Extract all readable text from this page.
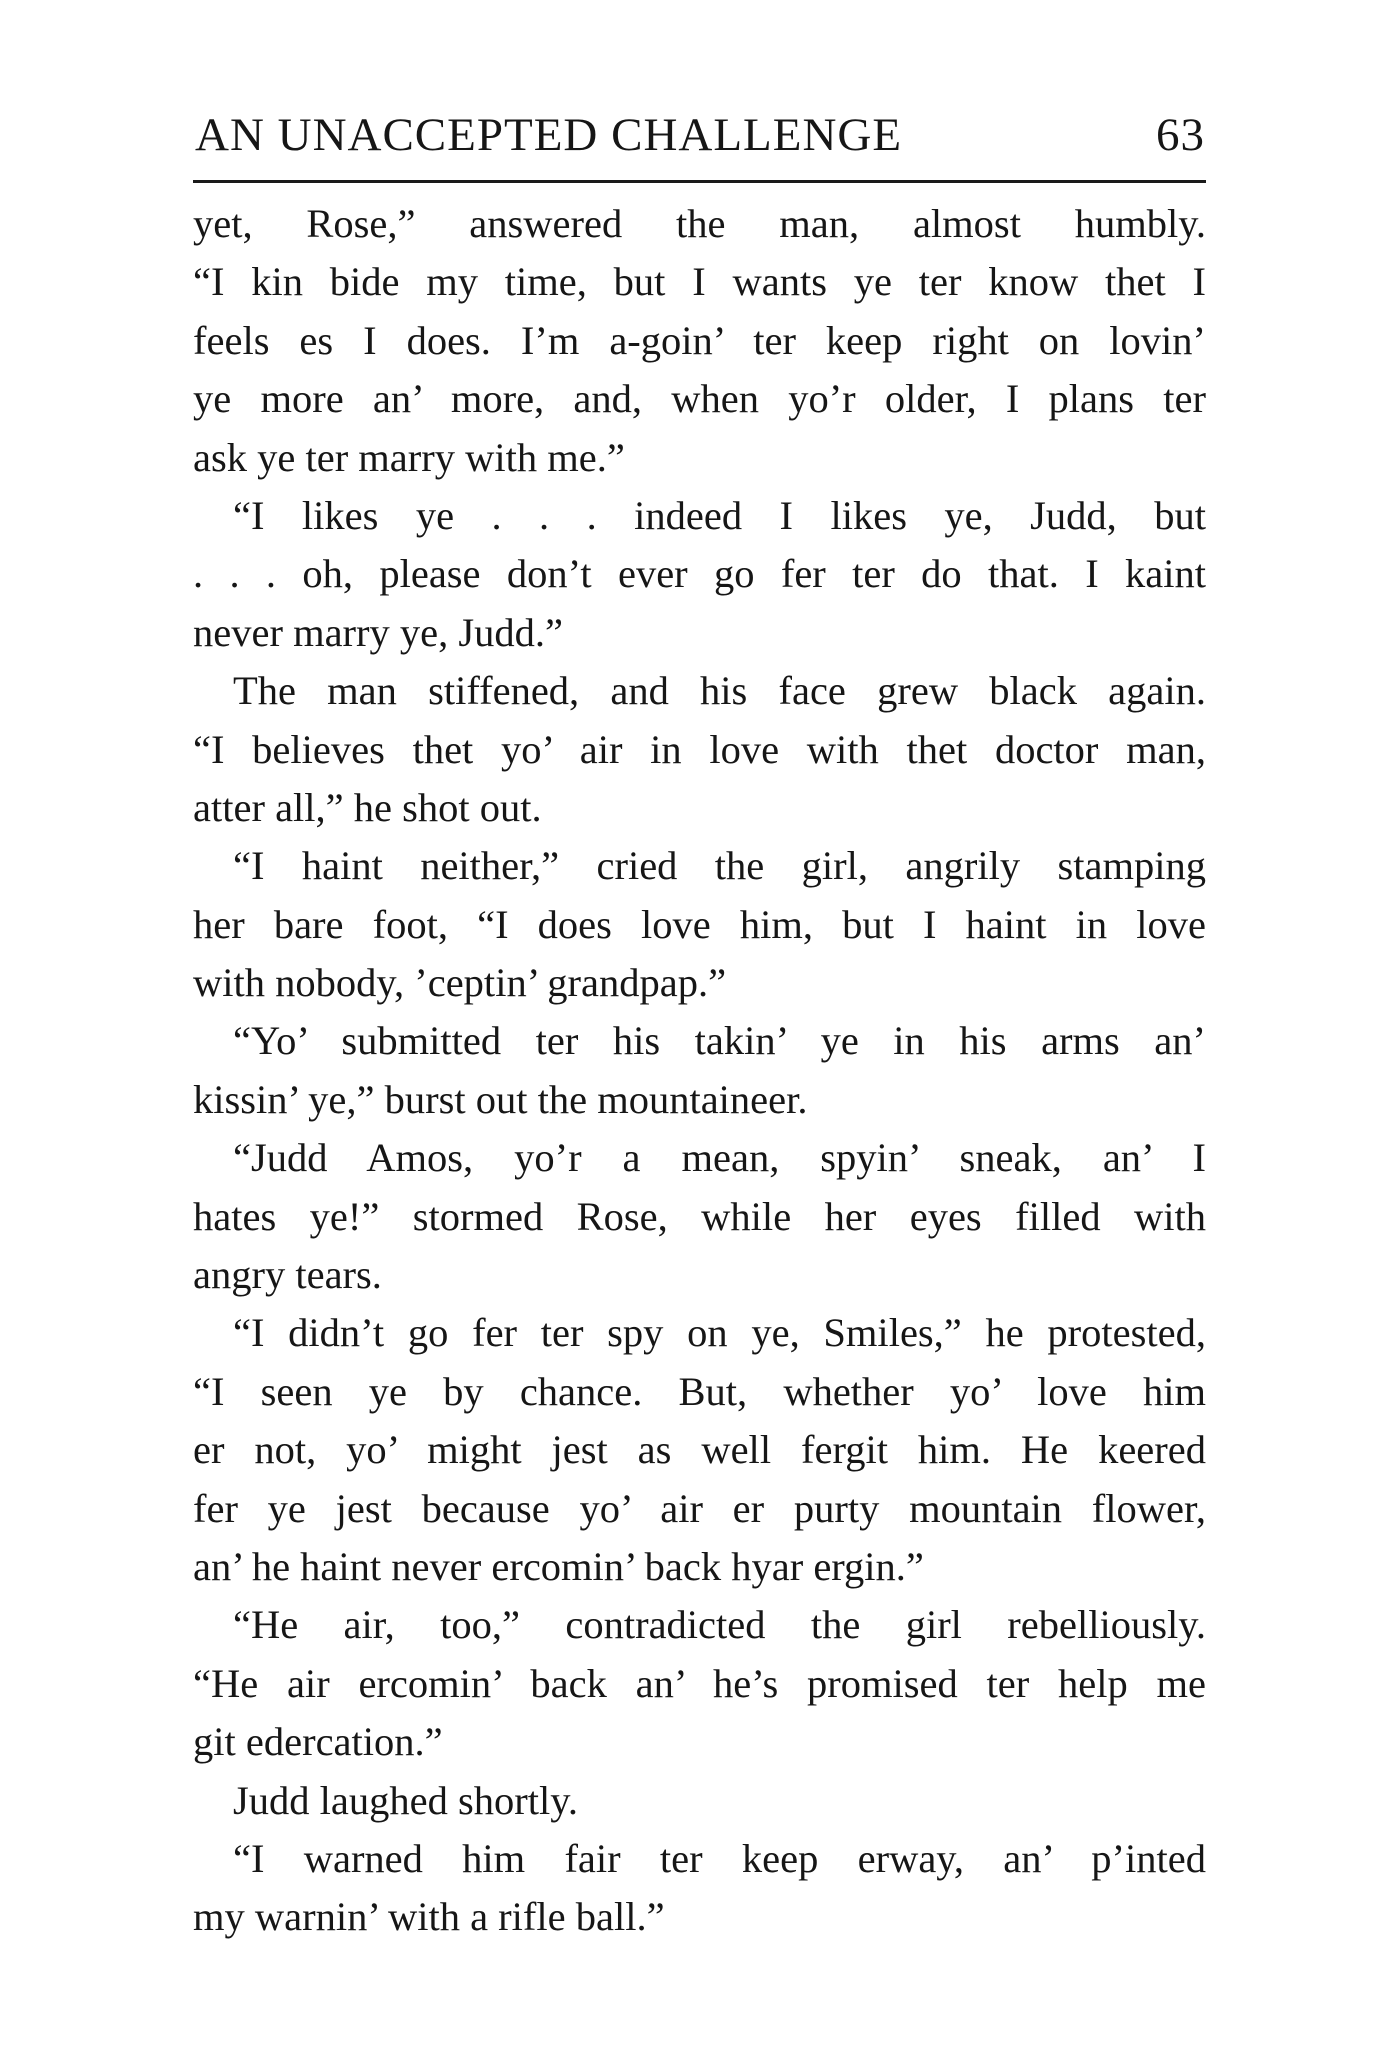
AN UNACCEPTED CHALLENGE	63
yet, Rose,” answered the man, almost humbly.
“I kin bide my time, but I wants ye ter know thet I
feels es I does. I’m a-goin’ ter keep right on lovin’
ye more an’ more, and, when yo’r older, I plans ter
ask ye ter marry with me.”
“I likes ye . . . indeed I likes ye, Judd, but
. . . oh, please don’t ever go fer ter do that. I kaint
never marry ye, Judd.”
The man stiffened, and his face grew black again.
“I believes thet yo’ air in love with thet doctor man,
atter all,” he shot out.
“I haint neither,” cried the girl, angrily stamping
her bare foot, “I does love him, but I haint in love
with nobody, ’ceptin’ grandpap.”
“Yo’ submitted ter his takin’ ye in his arms an’
kissin’ ye,” burst out the mountaineer.
“Judd Amos, yo’r a mean, spyin’ sneak, an’ I
hates ye!” stormed Rose, while her eyes filled with
angry tears.
“I didn’t go fer ter spy on ye, Smiles,” he protested,
“I seen ye by chance. But, whether yo’ love him
er not, yo’ might jest as well fergit him. He keered
fer ye jest because yo’ air er purty mountain flower,
an’ he haint never ercomin’ back hyar ergin.”
“He air, too,” contradicted the girl rebelliously.
“He air ercomin’ back an’ he’s promised ter help me
git edercation.”
Judd laughed shortly.
“I warned him fair ter keep erway, an’ p’inted
my warnin’ with a rifle ball.”
